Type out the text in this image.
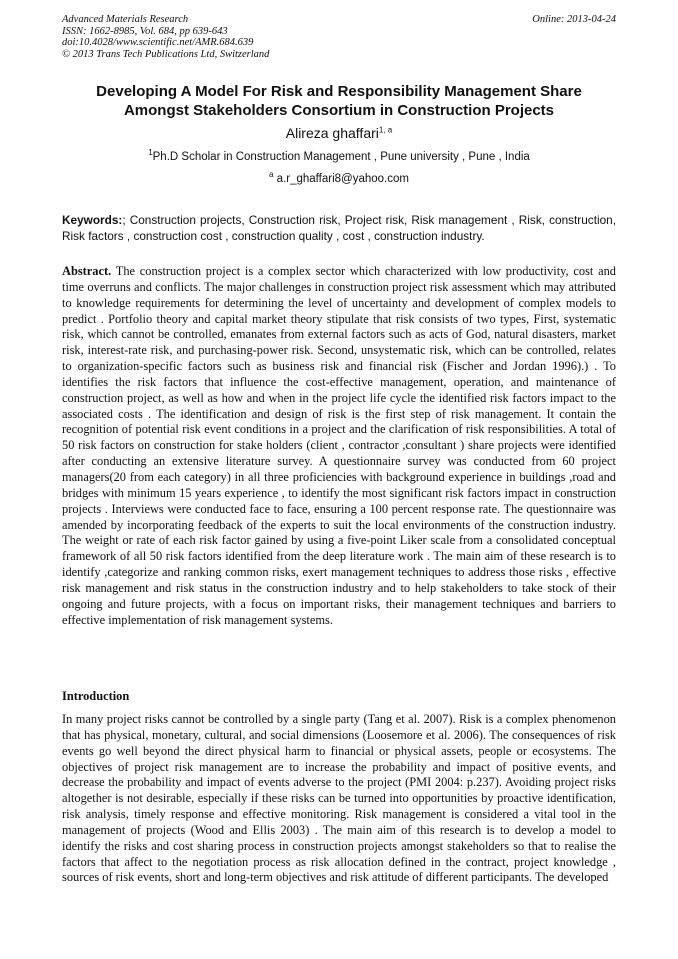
Advanced Materials Research
ISSN: 1662-8985, Vol. 684, pp 639-643
doi:10.4028/www.scientific.net/AMR.684.639
© 2013 Trans Tech Publications Ltd, Switzerland
Online: 2013-04-24
Developing A Model For Risk and Responsibility Management Share Amongst Stakeholders Consortium in Construction Projects
Alireza ghaffari$^{1, a}$
$^1$Ph.D Scholar in Construction Management , Pune university , Pune , India
$^a$ a.r_ghaffari8@yahoo.com
Keywords:; Construction projects, Construction risk, Project risk, Risk management , Risk, construction, Risk factors , construction cost , construction quality , cost , construction industry.
Abstract. The construction project is a complex sector which characterized with low productivity, cost and time overruns and conflicts. The major challenges in construction project risk assessment which may attributed to knowledge requirements for determining the level of uncertainty and development of complex models to predict . Portfolio theory and capital market theory stipulate that risk consists of two types, First, systematic risk, which cannot be controlled, emanates from external factors such as acts of God, natural disasters, market risk, interest-rate risk, and purchasing-power risk. Second, unsystematic risk, which can be controlled, relates to organization-specific factors such as business risk and financial risk (Fischer and Jordan 1996).) . To identifies the risk factors that influence the cost-effective management, operation, and maintenance of construction project, as well as how and when in the project life cycle the identified risk factors impact to the associated costs . The identification and design of risk is the first step of risk management. It contain the recognition of potential risk event conditions in a project and the clarification of risk responsibilities. A total of 50 risk factors on construction for stake holders (client , contractor ,consultant ) share projects were identified after conducting an extensive literature survey. A questionnaire survey was conducted from 60 project managers(20 from each category) in all three proficiencies with background experience in buildings ,road and bridges with minimum 15 years experience , to identify the most significant risk factors impact in construction projects . Interviews were conducted face to face, ensuring a 100 percent response rate. The questionnaire was amended by incorporating feedback of the experts to suit the local environments of the construction industry. The weight or rate of each risk factor gained by using a five-point Liker scale from a consolidated conceptual framework of all 50 risk factors identified from the deep literature work . The main aim of these research is to identify ,categorize and ranking common risks, exert management techniques to address those risks , effective risk management and risk status in the construction industry and to help stakeholders to take stock of their ongoing and future projects, with a focus on important risks, their management techniques and barriers to effective implementation of risk management systems.
Introduction
In many project risks cannot be controlled by a single party (Tang et al. 2007). Risk is a complex phenomenon that has physical, monetary, cultural, and social dimensions (Loosemore et al. 2006). The consequences of risk events go well beyond the direct physical harm to financial or physical assets, people or ecosystems. The objectives of project risk management are to increase the probability and impact of positive events, and decrease the probability and impact of events adverse to the project (PMI 2004: p.237). Avoiding project risks altogether is not desirable, especially if these risks can be turned into opportunities by proactive identification, risk analysis, timely response and effective monitoring. Risk management is considered a vital tool in the management of projects (Wood and Ellis 2003) . The main aim of this research is to develop a model to identify the risks and cost sharing process in construction projects amongst stakeholders so that to realise the factors that affect to the negotiation process as risk allocation defined in the contract, project knowledge , sources of risk events, short and long-term objectives and risk attitude of different participants. The developed
